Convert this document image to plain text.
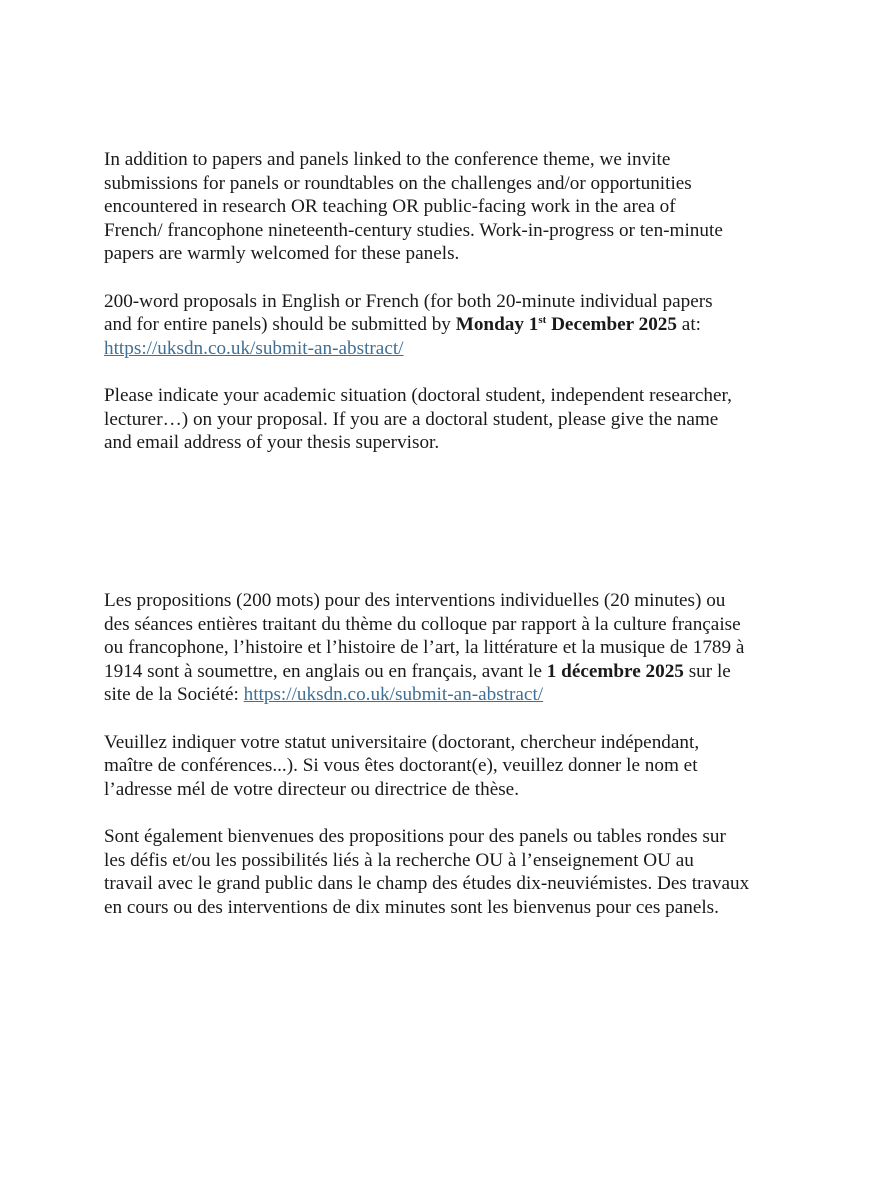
In addition to papers and panels linked to the conference theme, we invite
submissions for panels or roundtables on the challenges and/or opportunities
encountered in research OR teaching OR public-facing work in the area of
French/ francophone nineteenth-century studies. Work-in-progress or ten-minute
papers are warmly welcomed for these panels.

200-word proposals in English or French (for both 20-minute individual papers
and for entire panels) should be submitted by Monday 1st December 2025 at:
https://uksdn.co.uk/submit-an-abstract/

Please indicate your academic situation (doctoral student, independent researcher,
lecturer…) on your proposal. If you are a doctoral student, please give the name
and email address of your thesis supervisor.

Les propositions (200 mots) pour des interventions individuelles (20 minutes) ou
des séances entières traitant du thème du colloque par rapport à la culture française
ou francophone, l’histoire et l’histoire de l’art, la littérature et la musique de 1789 à
1914 sont à soumettre, en anglais ou en français, avant le 1 décembre 2025 sur le
site de la Société: https://uksdn.co.uk/submit-an-abstract/

Veuillez indiquer votre statut universitaire (doctorant, chercheur indépendant,
maître de conférences...). Si vous êtes doctorant(e), veuillez donner le nom et
l’adresse mél de votre directeur ou directrice de thèse.

Sont également bienvenues des propositions pour des panels ou tables rondes sur
les défis et/ou les possibilités liés à la recherche OU à l’enseignement OU au
travail avec le grand public dans le champ des études dix-neuviémistes. Des travaux
en cours ou des interventions de dix minutes sont les bienvenus pour ces panels.
